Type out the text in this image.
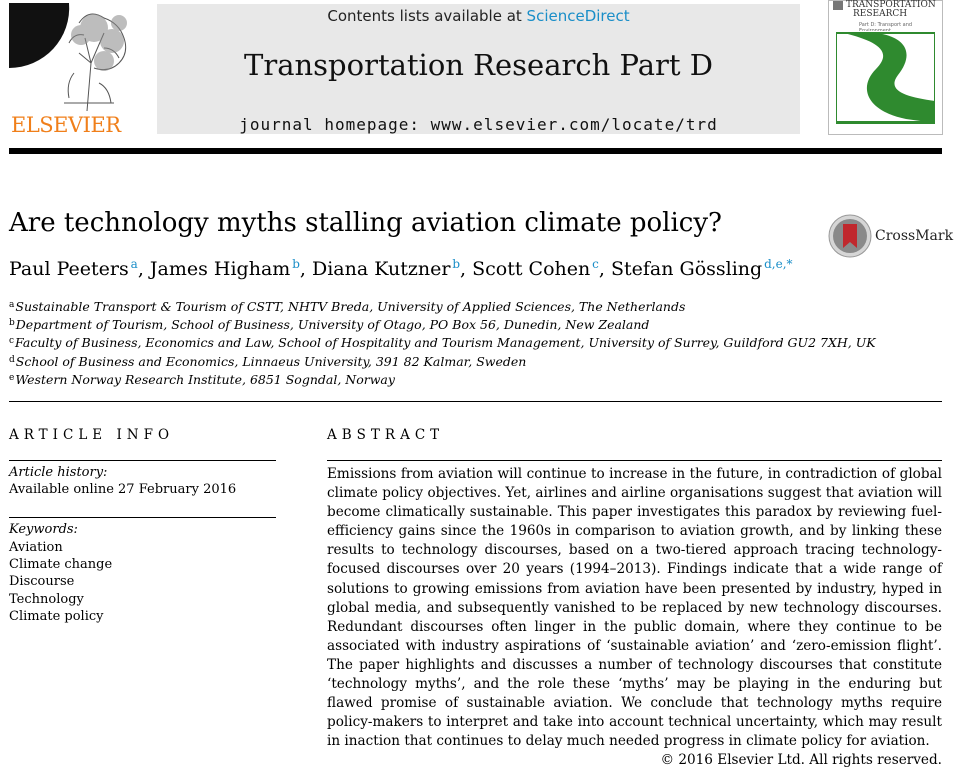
ELSEVIER
Contents lists available at ScienceDirect
Transportation Research Part D
journal homepage: www.elsevier.com/locate/trd
TRANSPORTATION
RESEARCH
Part D: Transport and
Are technology myths stalling aviation climate policy?	CrossMark
Paul Peeters  $^a$, James Higham  $^b$, Diana Kutzner  $^b$, Scott Cohen  $^c$, Stefan Gössling  $^{d,e,*}$
$^a$Sustainable Transport & Tourism of CSTT, NHTV Breda, University of Applied Sciences, The Netherlands
$^b$Department of Tourism, School of Business, University of Otago, PO Box 56, Dunedin, New Zealand
$^c$Faculty of Business, Economics and Law, School of Hospitality and Tourism Management, University of Surrey, Guildford GU2 7XH, UK
$^d$School of Business and Economics, Linnaeus University, 391 82 Kalmar, Sweden
$^e$Western Norway Research Institute, 6851 Sogndal, Norway
ARTICLE INFO
Article history:
Available online 27 February 2016
Keywords:
Aviation
Climate change
Discourse
Technology
Climate policy
ABSTRACT

Emissions from aviation will continue to increase in the future, in contradiction of global climate policy objectives. Yet, airlines and airline organisations suggest that aviation will become climatically sustainable. This paper investigates this paradox by reviewing fuel-efficiency gains since the 1960s in comparison to aviation growth, and by linking these results to technology discourses, based on a two-tiered approach tracing technology-focused discourses over 20 years (1994–2013). Findings indicate that a wide range of solutions to growing emissions from aviation have been presented by industry, hyped in global media, and subsequently vanished to be replaced by new technology discourses. Redundant discourses often linger in the public domain, where they continue to be associated with industry aspirations of ‘sustainable aviation’ and ‘zero-emission flight’. The paper highlights and discusses a number of technology discourses that constitute ‘technology myths’, and the role these ‘myths’ may be playing in the enduring but flawed promise of sustainable aviation. We conclude that technology myths require policy-makers to interpret and take into account technical uncertainty, which may result in inaction that continues to delay much needed progress in climate policy for aviation.

© 2016 Elsevier Ltd. All rights reserved.
